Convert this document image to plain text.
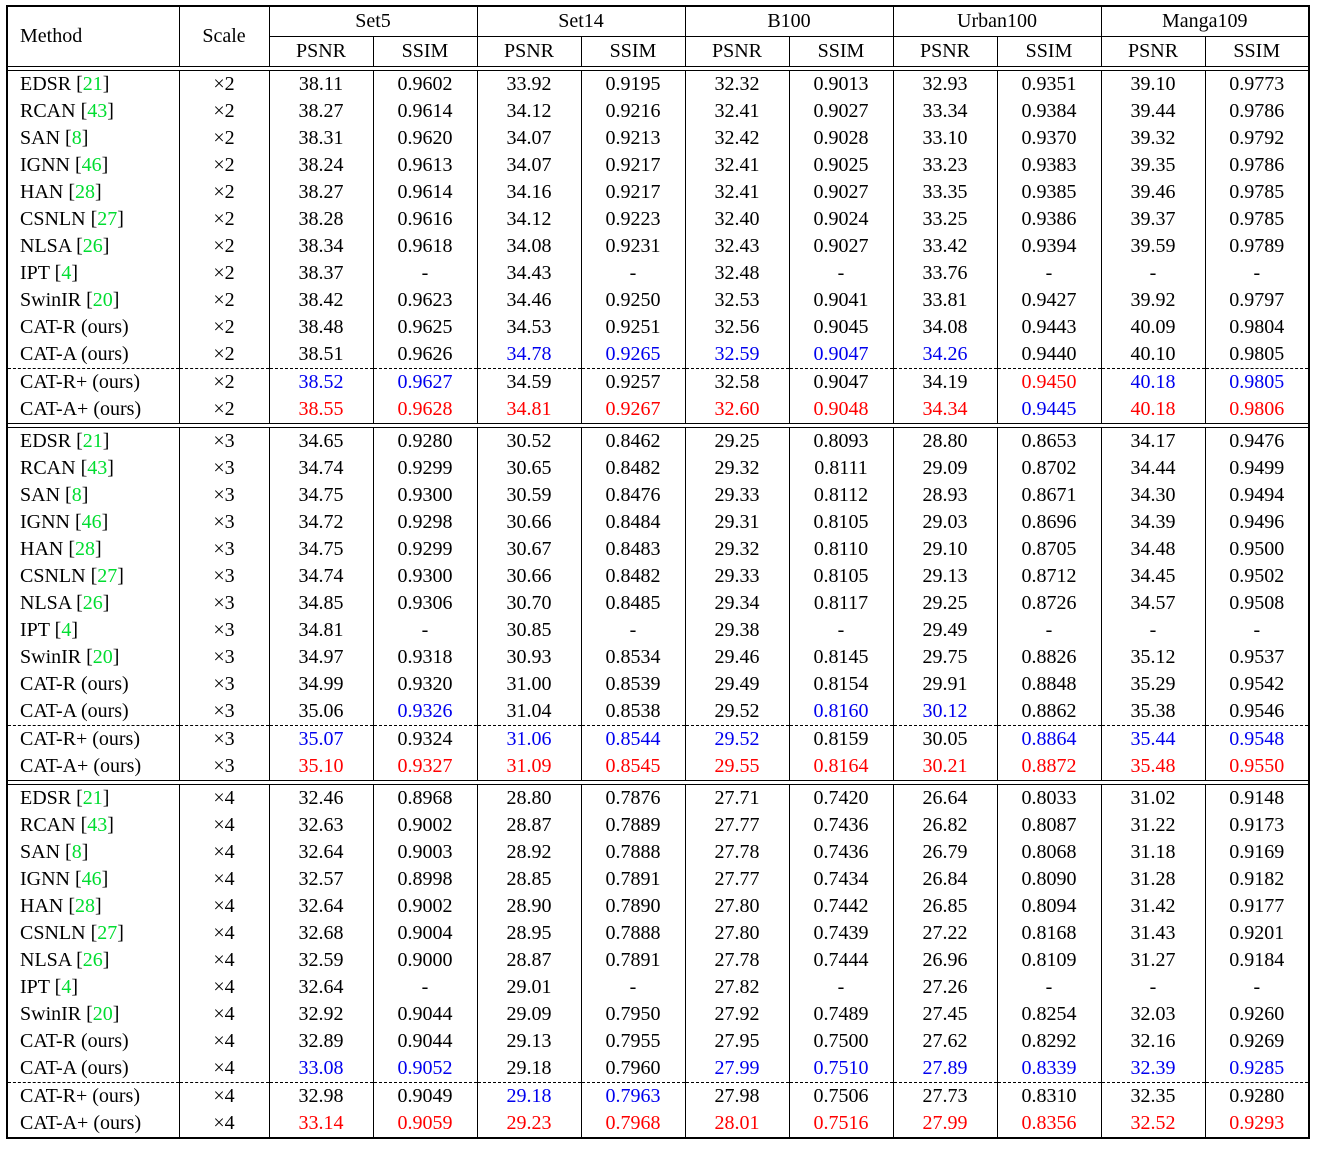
Method	Scale	Set5		Set14		B100		Urban100		Manga109	
		PSNR	SSIM	PSNR	SSIM	PSNR	SSIM	PSNR	SSIM	PSNR	SSIM

EDSR [21]	×2	38.11	0.9602	33.92	0.9195	32.32	0.9013	32.93	0.9351	39.10	0.9773
RCAN [43]	×2	38.27	0.9614	34.12	0.9216	32.41	0.9027	33.34	0.9384	39.44	0.9786
SAN [8]	×2	38.31	0.9620	34.07	0.9213	32.42	0.9028	33.10	0.9370	39.32	0.9792
IGNN [46]	×2	38.24	0.9613	34.07	0.9217	32.41	0.9025	33.23	0.9383	39.35	0.9786
HAN [28]	×2	38.27	0.9614	34.16	0.9217	32.41	0.9027	33.35	0.9385	39.46	0.9785
CSNLN [27]	×2	38.28	0.9616	34.12	0.9223	32.40	0.9024	33.25	0.9386	39.37	0.9785
NLSA [26]	×2	38.34	0.9618	34.08	0.9231	32.43	0.9027	33.42	0.9394	39.59	0.9789
IPT [4]	×2	38.37	-	34.43	-	32.48	-	33.76	-	-	-
SwinIR [20]	×2	38.42	0.9623	34.46	0.9250	32.53	0.9041	33.81	0.9427	39.92	0.9797
CAT-R (ours)	×2	38.48	0.9625	34.53	0.9251	32.56	0.9045	34.08	0.9443	40.09	0.9804
CAT-A (ours)	×2	38.51	0.9626	34.78	0.9265	32.59	0.9047	34.26	0.9440	40.10	0.9805
CAT-R+ (ours)	×2	38.52	0.9627	34.59	0.9257	32.58	0.9047	34.19	0.9450	40.18	0.9805
CAT-A+ (ours)	×2	38.55	0.9628	34.81	0.9267	32.60	0.9048	34.34	0.9445	40.18	0.9806

EDSR [21]	×3	34.65	0.9280	30.52	0.8462	29.25	0.8093	28.80	0.8653	34.17	0.9476
RCAN [43]	×3	34.74	0.9299	30.65	0.8482	29.32	0.8111	29.09	0.8702	34.44	0.9499
SAN [8]	×3	34.75	0.9300	30.59	0.8476	29.33	0.8112	28.93	0.8671	34.30	0.9494
IGNN [46]	×3	34.72	0.9298	30.66	0.8484	29.31	0.8105	29.03	0.8696	34.39	0.9496
HAN [28]	×3	34.75	0.9299	30.67	0.8483	29.32	0.8110	29.10	0.8705	34.48	0.9500
CSNLN [27]	×3	34.74	0.9300	30.66	0.8482	29.33	0.8105	29.13	0.8712	34.45	0.9502
NLSA [26]	×3	34.85	0.9306	30.70	0.8485	29.34	0.8117	29.25	0.8726	34.57	0.9508
IPT [4]	×3	34.81	-	30.85	-	29.38	-	29.49	-	-	-
SwinIR [20]	×3	34.97	0.9318	30.93	0.8534	29.46	0.8145	29.75	0.8826	35.12	0.9537
CAT-R (ours)	×3	34.99	0.9320	31.00	0.8539	29.49	0.8154	29.91	0.8848	35.29	0.9542
CAT-A (ours)	×3	35.06	0.9326	31.04	0.8538	29.52	0.8160	30.12	0.8862	35.38	0.9546
CAT-R+ (ours)	×3	35.07	0.9324	31.06	0.8544	29.52	0.8159	30.05	0.8864	35.44	0.9548
CAT-A+ (ours)	×3	35.10	0.9327	31.09	0.8545	29.55	0.8164	30.21	0.8872	35.48	0.9550

EDSR [21]	×4	32.46	0.8968	28.80	0.7876	27.71	0.7420	26.64	0.8033	31.02	0.9148
RCAN [43]	×4	32.63	0.9002	28.87	0.7889	27.77	0.7436	26.82	0.8087	31.22	0.9173
SAN [8]	×4	32.64	0.9003	28.92	0.7888	27.78	0.7436	26.79	0.8068	31.18	0.9169
IGNN [46]	×4	32.57	0.8998	28.85	0.7891	27.77	0.7434	26.84	0.8090	31.28	0.9182
HAN [28]	×4	32.64	0.9002	28.90	0.7890	27.80	0.7442	26.85	0.8094	31.42	0.9177
CSNLN [27]	×4	32.68	0.9004	28.95	0.7888	27.80	0.7439	27.22	0.8168	31.43	0.9201
NLSA [26]	×4	32.59	0.9000	28.87	0.7891	27.78	0.7444	26.96	0.8109	31.27	0.9184
IPT [4]	×4	32.64	-	29.01	-	27.82	-	27.26	-	-	-
SwinIR [20]	×4	32.92	0.9044	29.09	0.7950	27.92	0.7489	27.45	0.8254	32.03	0.9260
CAT-R (ours)	×4	32.89	0.9044	29.13	0.7955	27.95	0.7500	27.62	0.8292	32.16	0.9269
CAT-A (ours)	×4	33.08	0.9052	29.18	0.7960	27.99	0.7510	27.89	0.8339	32.39	0.9285
CAT-R+ (ours)	×4	32.98	0.9049	29.18	0.7963	27.98	0.7506	27.73	0.8310	32.35	0.9280
CAT-A+ (ours)	×4	33.14	0.9059	29.23	0.7968	28.01	0.7516	27.99	0.8356	32.52	0.9293
